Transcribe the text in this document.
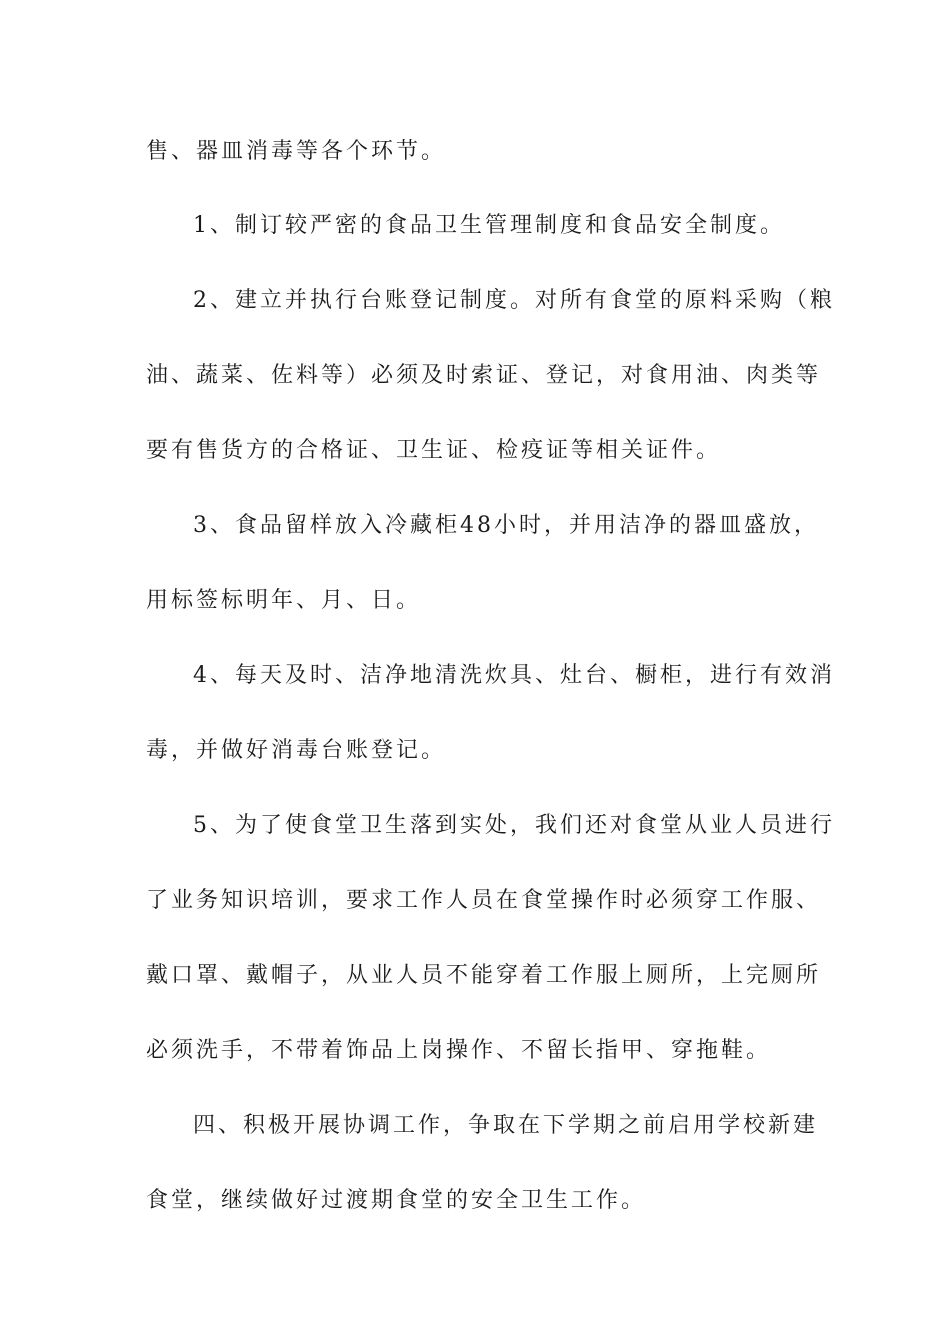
售、器皿消毒等各个环节。
1、制订较严密的食品卫生管理制度和食品安全制度。
2、建立并执行台账登记制度。对所有食堂的原料采购（粮
油、蔬菜、佐料等）必须及时索证、登记，对食用油、肉类等
要有售货方的合格证、卫生证、检疫证等相关证件。
3、食品留样放入冷藏柜48小时，并用洁净的器皿盛放，
用标签标明年、月、日。
4、每天及时、洁净地清洗炊具、灶台、橱柜，进行有效消
毒，并做好消毒台账登记。
5、为了使食堂卫生落到实处，我们还对食堂从业人员进行
了业务知识培训，要求工作人员在食堂操作时必须穿工作服、
戴口罩、戴帽子，从业人员不能穿着工作服上厕所，上完厕所
必须洗手，不带着饰品上岗操作、不留长指甲、穿拖鞋。
四、积极开展协调工作，争取在下学期之前启用学校新建
食堂，继续做好过渡期食堂的安全卫生工作。
